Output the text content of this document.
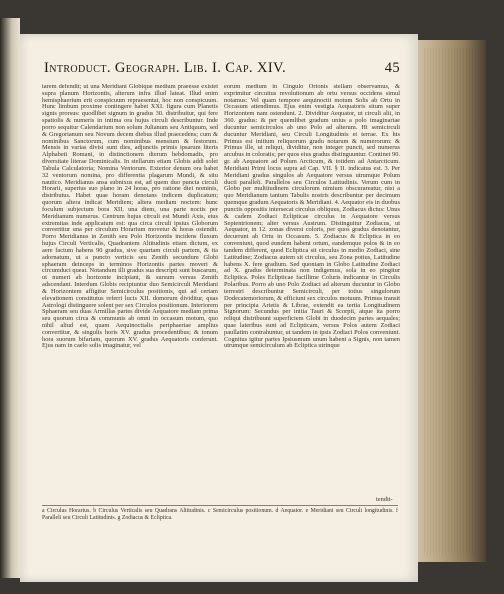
Introduct. Geograph. Lib. I. Cap. XIV.	45

tarem defendit; ut una Meridiani Globique medium praeesse existet supra planum Horizontis, alterum infra illud lateat. Illud enim hemisphaerium erit conspicuum repraesentat, hoc non conspicuum. Hunc limbum proxime contingere habet XXI. figura cum Planetis signis prorsus: quodlibet signum in gradus 30. distribuitur, qui fere spatiolis & numeris in intima ora hujus circuli describuntur. Inde porro sequitur Calendarium non solum Julianum seu Antiquum, sed & Gregorianum seu Novum decem diebus illud praecedens; cum & nominibus Sanctorum, cum nominibus mensium & festorum. Mensis in varias divisi sunt dies, adjunctis primis ipsarum literis Alphabeti Romani, in distinctionem dierum hebdomadis, pro diversitate literae Dominicalis. In stellarum etiam Globis addi solet Tabula Calculatoria; Nomina Ventorum. Exterior denum ora habet 32 ventorum nomina, pro differentia plagarum Mundi, & situ nautico. Meridianus ansa subnixus est, ad quem duo puncta circuli Horarii, superius suo plano in 24 horas, pro ratione diei nominis, distributus. Habet quae horam denotans indicem duplicatum; quorum altera indicat Meridiem; altera mediam noctem: hunc foculum subjectum bora XII. una diem, una parte noctis per Meridianum numerus. Centrum hujus circuli est Mundi Axis, eius extremitas inde applicatum est: qua circa circuli ipsius Globorum convertitur una per circulum Horarium movetur & horas ostendit. Porro Meridianus in Zenith seu Polo Horizontis incidens fluxum hujus Circuli Verticalis, Quadrantem Altitudinis etiam dictum, ex aere factum habens 90 gradus, sive quartam circuli partem, & ita adornatum, ut a puncto verticis seu Zenith secundum Globi sphaeram deinceps in terminos Horizontis partes moveri & circumduci queat. Notandum illi gradus sua descripti sunt buscarum, ut numeri ab horizonte incipiant, & sursum versus Zenith adscendant. Interdum Globis recipiuntur duo Semicirculi Meridiani & Horizontem affigitur Semicirculus positionis, qui ad certam elevationem constitutus referri lucis XII. domorum dividitur, quas Astrologi distinguere solent per sex Circulos positionum. Interiorem Sphaeram seu duas Armillas partes divide Aequatore mediam prima seu quorum circa & communis ab omni in occasum motum, quo nihil aliud est, quam Aequinoctialis periphaeriae amplius convertitur, & singulis horis XV. gradus procedentibus; & tonum hora suorum bifariam, quorum XV. gradus Aequatoris conferunt. Ejus nam in caelo solis imaginatur, vel

eorum medium in Cingulo Orionis stellam observamus, & exprimitur circuitus revolutionum ab ortu versus occidens simul notamus: Vel quam tempore aequinoctii motum Solis ab Ortu in Occasum attendimus. Ejus enim vestigia Aequatoris situm super Horizontem nam ostendunt. 2. Dividitur Aequator, ut circuli alii, in 360. gradus: & per quemlibet gradum unius a polo imaginariae ducuntur semicirculos ab uno Polo ad alterum. Hi semicirculi ducuntur Meridiani, seu Circuli Longitudinis et terrae. Ex his Primus est initium reliquorum gradu notarum & numerorum: & Primus ille, ut reliqui, dividitur, non integer puncti, sed numerus arcubus in coloratis; per quos eius gradus distinguuntur. Continet 90. gr. ab Aequatore ad Polum Arcticum, & totidem ad Antarcticum. Meridiani Primi locus supra ad Cap. VII. § II. indicatus est. 3. Per Meridiani gradus singulos ab Aequatore versus utrumque Polum ducti paralleli. Parallelos seu Circulos Latitudinis. Verum cum in Globo per multitudinem circulorum nimium obscurareatur, nisi a quo Meridianum tantum Tabulis nostris describuntur per decimum quemque gradum Aequatoris & Meridiani. 4. Aequator eis in duobus punctis oppositis intersecat circulus obliquus, Zodiacus dictus: Unus & cadem Zodiaci Eclipticae circulus in Aequatore versus Septentrionem; alter versus Austrum. Distinguitur Zodiacus, ut Aequator, in 12. zonas diversi coloris, per quos gradus denotantur, decurrunt ab Ortu in Occasum. 5. Zodiacus & Ecliptica in eo conveniunt, quod eundem habent ortum, eandemque polos & in eo tandem different, quod Ecliptica sit circulus in medio Zodiaci, sine Latitudine; Zodiacus autem sit circulus, seu Zona potius, Latitudine habens X. fere gradium. Sed quoniam in Globo Latitudine Zodiaci ad X. gradus determinata non indigemus, sola in eo pingitur Ecliptica. Poles Eclipticae facillime Coluris indicantur in Circulis Polaribus. Porro ab uno Polo Zodiaci ad alterum ducuntur in Globo terrestri describuntur Semicirculi, per totius singulorum Dodecatemoriorum, & efficiunt sex circulos motuum. Primus transit per principia Arietis & Librae, extendit ea tertia Longitudinem Signorum: Secundus per initia Tauri & Scorpii, atque ita porro reliqui distribuunt superficiem Globi in duodecim partes aequales; quae lateribus sunt ad Eclipticam, versus Polos autem Zodiaci paullatim contrahuntur, ut tandem in ipsis Zodiaci Polos conveniunt. Cognitus igitur partes Ipsiusmum unum habent a Signis, non tamen utrumque semicirculum ab Ecliptica utrinque

tendit-

a Circulus Horarius. b Circulus Verticalis seu Quadrans Altitudinis. c Semicirculus positionum. d Aequator. e Meridiani seu Circuli longitudinis. f Paralleli seu Circuli Latitudinis. g Zodiacus & Ecliptica.
